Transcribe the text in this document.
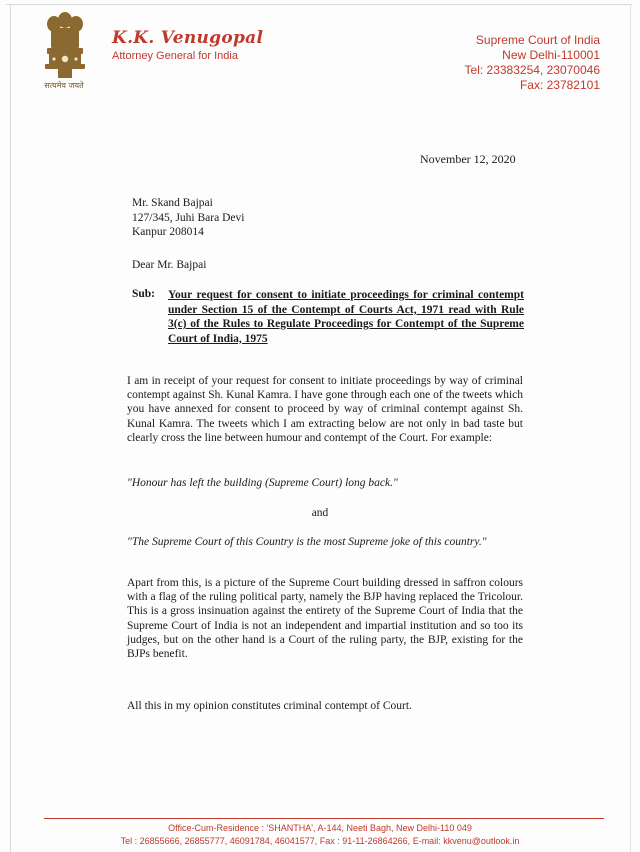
सत्यमेव जयते
K.K. Venugopal
Attorney General for India
Supreme Court of India
New Delhi-110001
Tel: 23383254, 23070046
Fax: 23782101
November 12, 2020
Mr. Skand Bajpai
127/345, Juhi Bara Devi
Kanpur 208014
Dear Mr. Bajpai
Sub: Your request for consent to initiate proceedings for criminal contempt under Section 15 of the Contempt of Courts Act, 1971 read with Rule 3(c) of the Rules to Regulate Proceedings for Contempt of the Supreme Court of India, 1975
I am in receipt of your request for consent to initiate proceedings by way of criminal contempt against Sh. Kunal Kamra. I have gone through each one of the tweets which you have annexed for consent to proceed by way of criminal contempt against Sh. Kunal Kamra. The tweets which I am extracting below are not only in bad taste but clearly cross the line between humour and contempt of the Court. For example:
"Honour has left the building (Supreme Court) long back."
and
"The Supreme Court of this Country is the most Supreme joke of this country."
Apart from this, is a picture of the Supreme Court building dressed in saffron colours with a flag of the ruling political party, namely the BJP having replaced the Tricolour. This is a gross insinuation against the entirety of the Supreme Court of India that the Supreme Court of India is not an independent and impartial institution and so too its judges, but on the other hand is a Court of the ruling party, the BJP, existing for the BJPs benefit.
All this in my opinion constitutes criminal contempt of Court.
Office-Cum-Residence : 'SHANTHA', A-144, Neeti Bagh, New Delhi-110 049
Tel : 26855666, 26855777, 46091784, 46041577, Fax : 91-11-26864266, E-mail: kkvenu@outlook.in
